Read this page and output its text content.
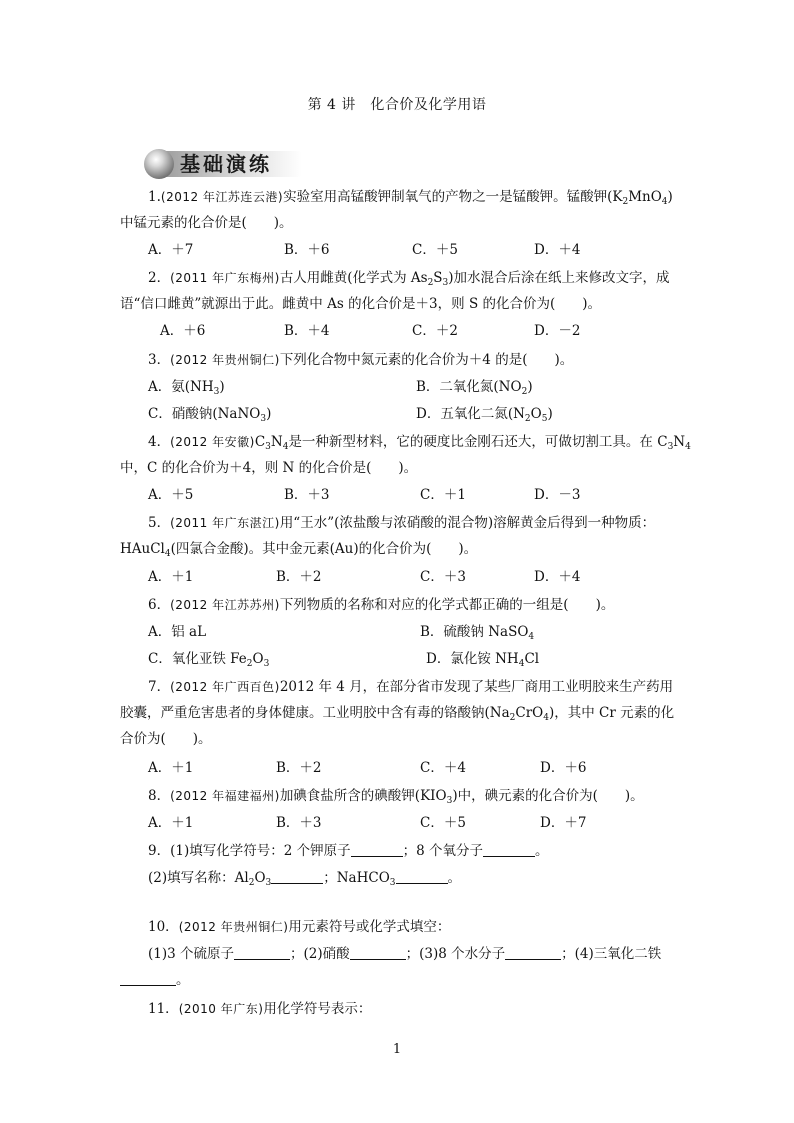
第 4 讲　化合价及化学用语
基础演练
1.(2012 年江苏连云港)实验室用高锰酸钾制氧气的产物之一是锰酸钾。锰酸钾$(K_2MnO_4)$
中锰元素的化合价是(　　)。
A．＋7	B．＋6	C．＋5	D．＋4
2．(2011 年广东梅州)古人用雌黄(化学式为 $As_2S_3$)加水混合后涂在纸上来修改文字，成
语“信口雌黄”就源出于此。雌黄中 As 的化合价是＋3，则 S 的化合价为(　　)。
A．＋6	B．＋4	C．＋2	D．－2
3．(2012 年贵州铜仁)下列化合物中氮元素的化合价为＋4 的是(　　)。
A．氨$(NH_3)$	B．二氧化氮$(NO_2)$
C．硝酸钠(NaNO$_3$)	D．五氧化二氮$(N_2O_5)$
4．(2012 年安徽)$C_3N_4$是一种新型材料，它的硬度比金刚石还大，可做切割工具。在 $C_3N_4$
中，C 的化合价为＋4，则 N 的化合价是(　　)。
A．＋5	B．＋3	C．＋1	D．－3
5．(2011 年广东湛江)用“王水”(浓盐酸与浓硝酸的混合物)溶解黄金后得到一种物质：
HAuCl$_4$(四氯合金酸)。其中金元素(Au)的化合价为(　　)。
A．＋1	B．＋2	C．＋3	D．＋4
6．(2012 年江苏苏州)下列物质的名称和对应的化学式都正确的一组是(　　)。
A．铝 aL	B．硫酸钠 NaSO$_4$
C．氧化亚铁 $Fe_2O_3$	D．氯化铵 $NH_4Cl$
7．(2012 年广西百色)2012 年 4 月，在部分省市发现了某些厂商用工业明胶来生产药用
胶囊，严重危害患者的身体健康。工业明胶中含有毒的铬酸钠$(Na_2CrO_4)$，其中 Cr 元素的化
合价为(　　)。
A．＋1	B．＋2	C．＋4	D．＋6
8．(2012 年福建福州)加碘食盐所含的碘酸钾$(KIO_3)$中，碘元素的化合价为(　　)。
A．＋1	B．＋3	C．＋5	D．＋7
9．(1)填写化学符号：2 个钾原子	；8 个氧分子	。
(2)填写名称：$Al_2O_3$	；NaHCO$_3$	。
10．(2012 年贵州铜仁)用元素符号或化学式填空：
(1)3 个硫原子	；(2)硝酸	；(3)8 个水分子	；(4)三氧化二铁
。
11．(2010 年广东)用化学符号表示：
1
